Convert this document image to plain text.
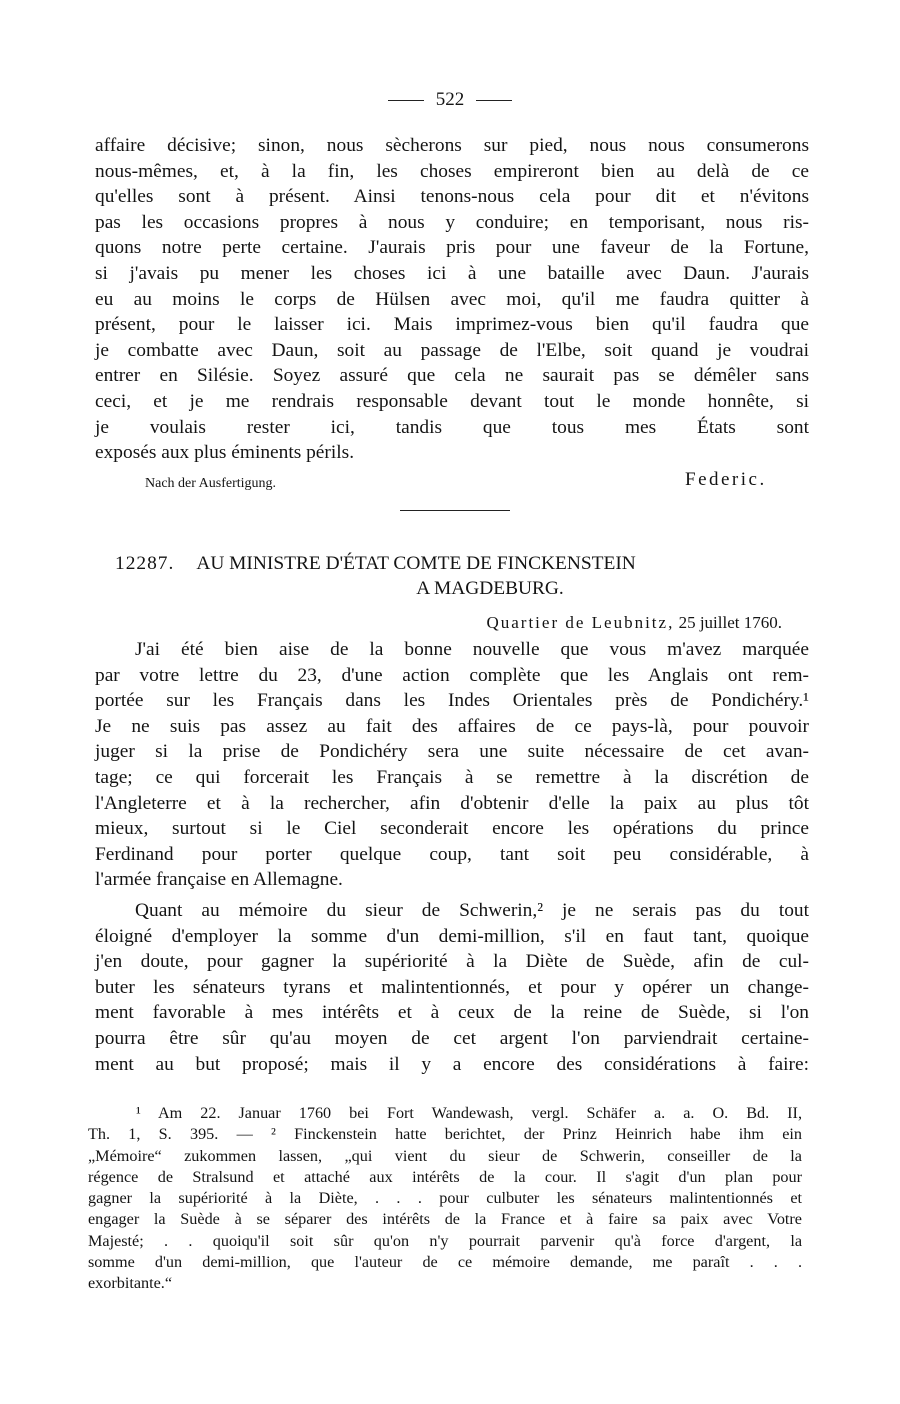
522
affaire décisive; sinon, nous sècherons sur pied, nous nous consumerons
nous-mêmes, et, à la fin, les choses empireront bien au delà de ce
qu'elles sont à présent. Ainsi tenons-nous cela pour dit et n'évitons
pas les occasions propres à nous y conduire; en temporisant, nous ris-
quons notre perte certaine. J'aurais pris pour une faveur de la Fortune,
si j'avais pu mener les choses ici à une bataille avec Daun. J'aurais
eu au moins le corps de Hülsen avec moi, qu'il me faudra quitter à
présent, pour le laisser ici. Mais imprimez-vous bien qu'il faudra que
je combatte avec Daun, soit au passage de l'Elbe, soit quand je voudrai
entrer en Silésie. Soyez assuré que cela ne saurait pas se démêler sans
ceci, et je me rendrais responsable devant tout le monde honnête, si
je voulais rester ici, tandis que tous mes États sont
exposés aux plus éminents périls.
Nach der Ausfertigung.	Federic.
12287. AU MINISTRE D'ÉTAT COMTE DE FINCKENSTEIN
A MAGDEBURG.
Quartier de Leubnitz, 25 juillet 1760.
J'ai été bien aise de la bonne nouvelle que vous m'avez marquée
par votre lettre du 23, d'une action complète que les Anglais ont rem-
portée sur les Français dans les Indes Orientales près de Pondichéry.¹
Je ne suis pas assez au fait des affaires de ce pays-là, pour pouvoir
juger si la prise de Pondichéry sera une suite nécessaire de cet avan-
tage; ce qui forcerait les Français à se remettre à la discrétion de
l'Angleterre et à la rechercher, afin d'obtenir d'elle la paix au plus tôt
mieux, surtout si le Ciel seconderait encore les opérations du prince
Ferdinand pour porter quelque coup, tant soit peu considérable, à
l'armée française en Allemagne.
Quant au mémoire du sieur de Schwerin,² je ne serais pas du tout
éloigné d'employer la somme d'un demi-million, s'il en faut tant, quoique
j'en doute, pour gagner la supériorité à la Diète de Suède, afin de cul-
buter les sénateurs tyrans et malintentionnés, et pour y opérer un change-
ment favorable à mes intérêts et à ceux de la reine de Suède, si l'on
pourra être sûr qu'au moyen de cet argent l'on parviendrait certaine-
ment au but proposé; mais il y a encore des considérations à faire:
¹ Am 22. Januar 1760 bei Fort Wandewash, vergl. Schäfer a. a. O. Bd. II,
Th. 1, S. 395. — ² Finckenstein hatte berichtet, der Prinz Heinrich habe ihm ein
„Mémoire“ zukommen lassen, „qui vient du sieur de Schwerin, conseiller de la
régence de Stralsund et attaché aux intérêts de la cour. Il s'agit d'un plan pour
gagner la supériorité à la Diète, . . . pour culbuter les sénateurs malintentionnés et
engager la Suède à se séparer des intérêts de la France et à faire sa paix avec Votre
Majesté; . . quoiqu'il soit sûr qu'on n'y pourrait parvenir qu'à force d'argent, la
somme d'un demi-million, que l'auteur de ce mémoire demande, me paraît . . .
exorbitante.“
